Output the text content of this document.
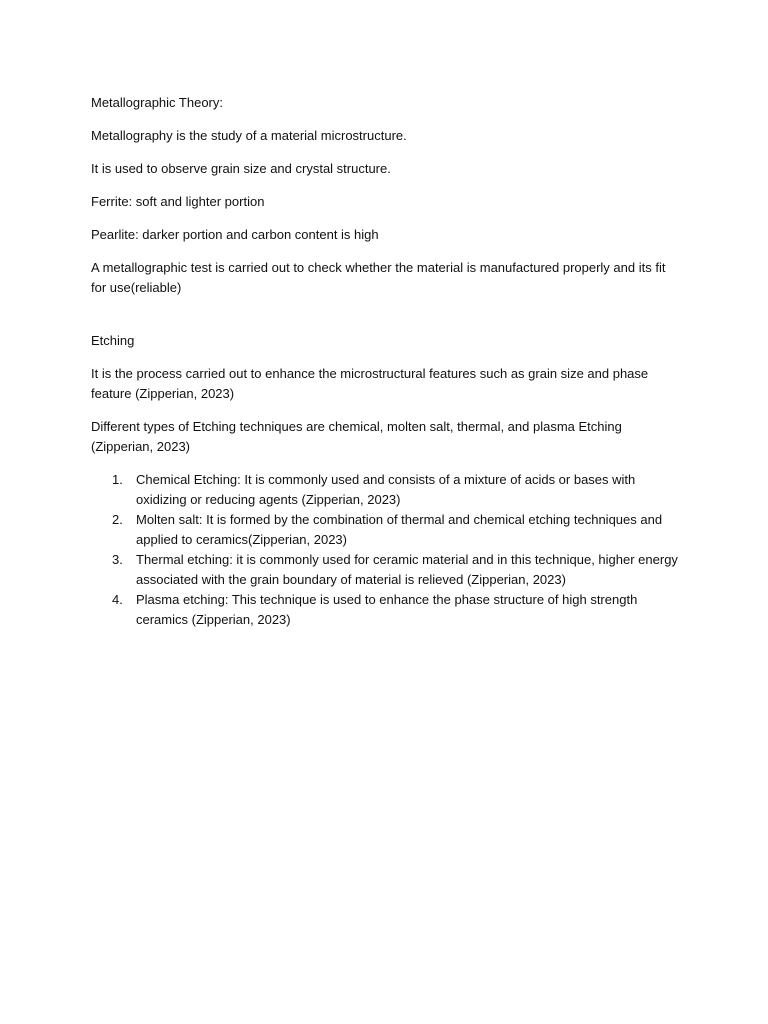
Metallographic Theory:

Metallography is the study of a material microstructure.

It is used to observe grain size and crystal structure.

Ferrite: soft and lighter portion

Pearlite: darker portion and carbon content is high

A metallographic test is carried out to check whether the material is manufactured properly and its fit for use(reliable)

Etching

It is the process carried out to enhance the microstructural features such as grain size and phase feature (Zipperian, 2023)

Different types of Etching techniques are chemical, molten salt, thermal, and plasma Etching (Zipperian, 2023)

1. Chemical Etching: It is commonly used and consists of a mixture of acids or bases with oxidizing or reducing agents (Zipperian, 2023)
2. Molten salt: It is formed by the combination of thermal and chemical etching techniques and applied to ceramics(Zipperian, 2023)
3. Thermal etching: it is commonly used for ceramic material and in this technique, higher energy associated with the grain boundary of material is relieved (Zipperian, 2023)
4. Plasma etching: This technique is used to enhance the phase structure of high strength ceramics (Zipperian, 2023)
